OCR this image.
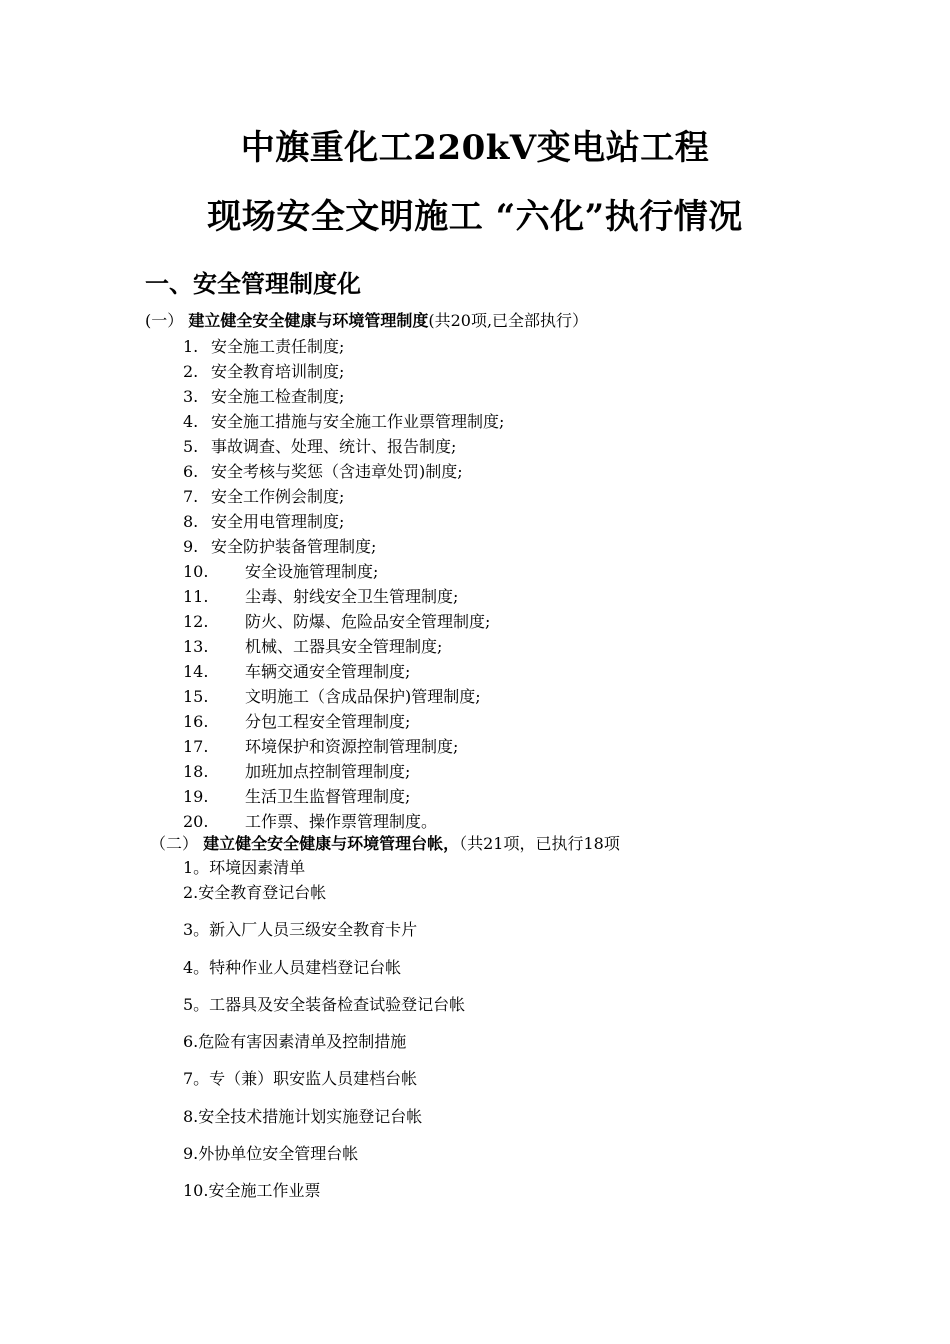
中旗重化工220kV变电站工程
现场安全文明施工 “六化”执行情况
一、安全管理制度化
(一） 建立健全安全健康与环境管理制度(共20项,已全部执行）
1. 安全施工责任制度;
2. 安全教育培训制度;
3. 安全施工检查制度;
4. 安全施工措施与安全施工作业票管理制度;
5. 事故调查、处理、统计、报告制度;
6. 安全考核与奖惩（含违章处罚)制度;
7. 安全工作例会制度;
8. 安全用电管理制度;
9. 安全防护装备管理制度;
10. 安全设施管理制度;
11. 尘毒、射线安全卫生管理制度;
12. 防火、防爆、危险品安全管理制度;
13. 机械、工器具安全管理制度;
14. 车辆交通安全管理制度;
15. 文明施工（含成品保护)管理制度;
16. 分包工程安全管理制度;
17. 环境保护和资源控制管理制度;
18. 加班加点控制管理制度;
19. 生活卫生监督管理制度;
20. 工作票、操作票管理制度。
（二） 建立健全安全健康与环境管理台帐，（共21项，已执行18项
1。环境因素清单
2.安全教育登记台帐
3。新入厂人员三级安全教育卡片
4。特种作业人员建档登记台帐
5。工器具及安全装备检查试验登记台帐
6.危险有害因素清单及控制措施
7。专（兼）职安监人员建档台帐
8.安全技术措施计划实施登记台帐
9.外协单位安全管理台帐
10.安全施工作业票
